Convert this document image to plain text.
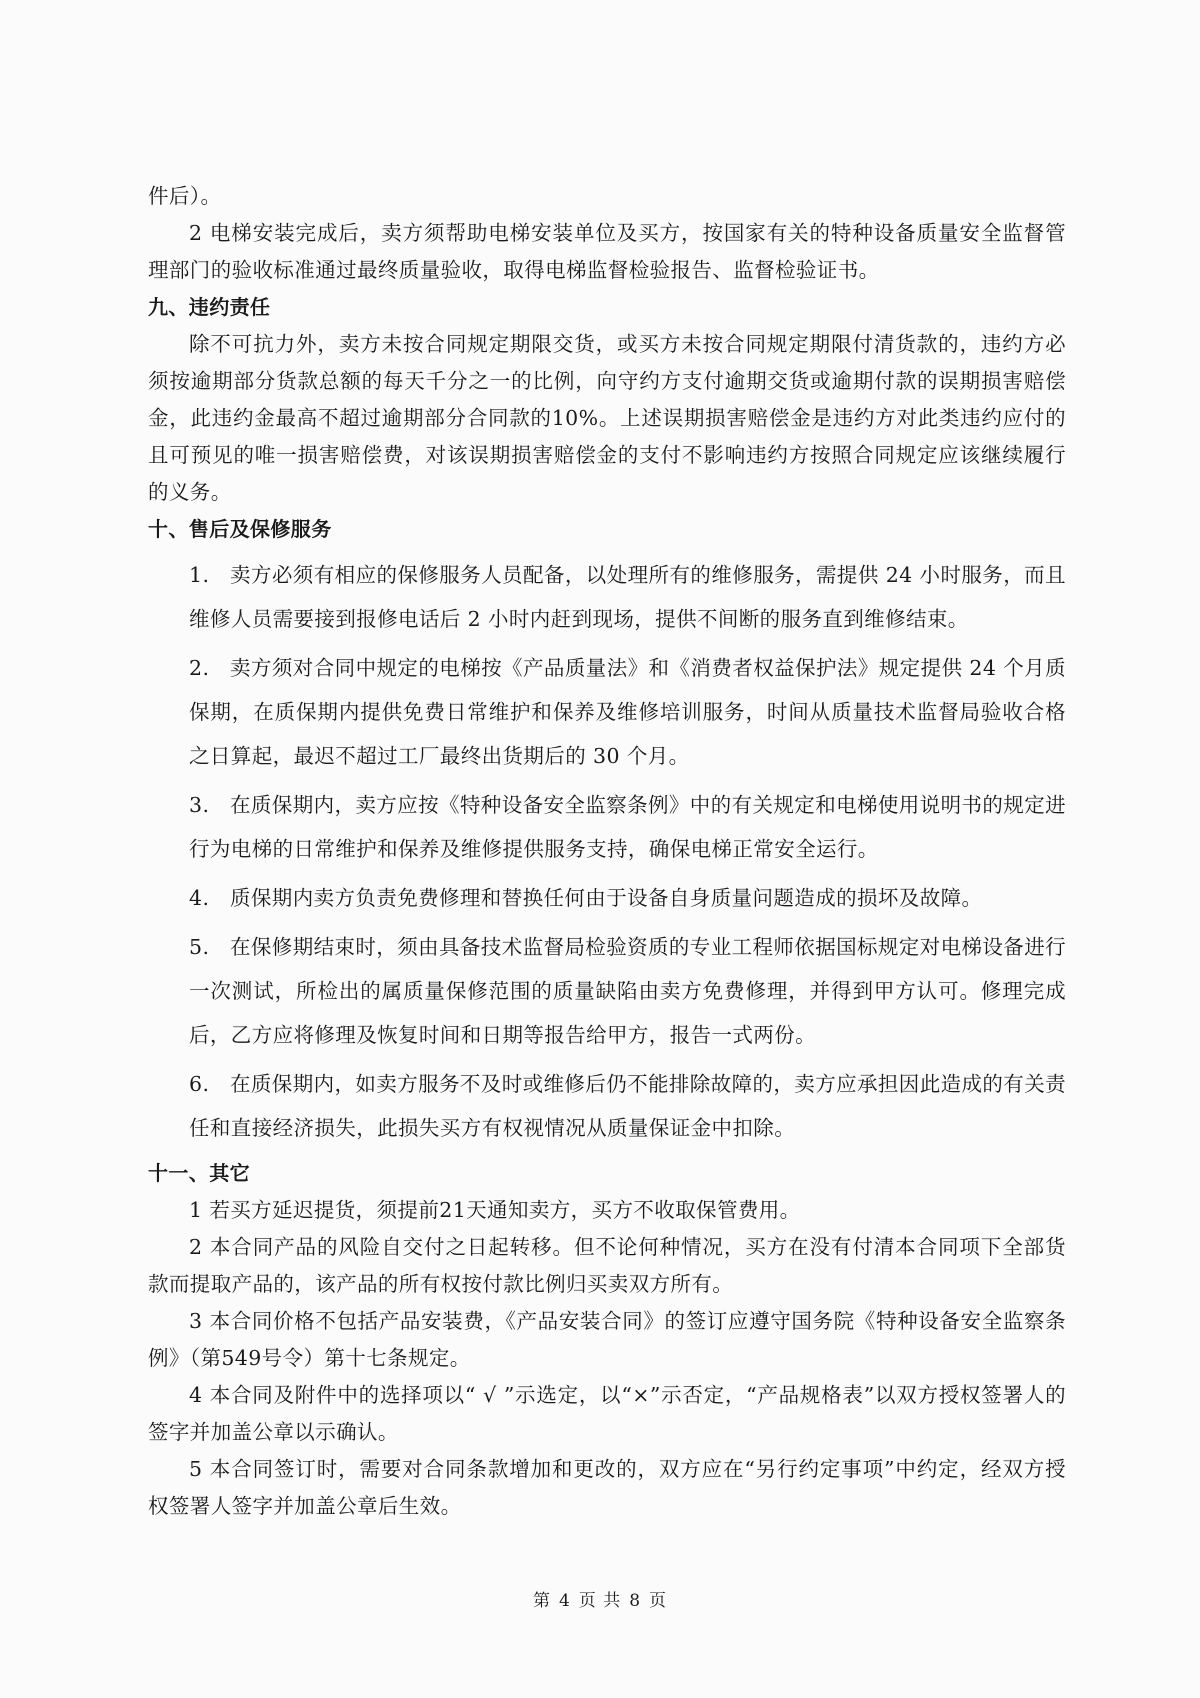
件后）。

2 电梯安装完成后，卖方须帮助电梯安装单位及买方，按国家有关的特种设备质量安全监督管理部门的验收标准通过最终质量验收，取得电梯监督检验报告、监督检验证书。

九、违约责任

除不可抗力外，卖方未按合同规定期限交货，或买方未按合同规定期限付清货款的，违约方必须按逾期部分货款总额的每天千分之一的比例，向守约方支付逾期交货或逾期付款的误期损害赔偿金，此违约金最高不超过逾期部分合同款的10%。上述误期损害赔偿金是违约方对此类违约应付的且可预见的唯一损害赔偿费，对该误期损害赔偿金的支付不影响违约方按照合同规定应该继续履行的义务。

十、售后及保修服务

1.	卖方必须有相应的保修服务人员配备，以处理所有的维修服务，需提供 24 小时服务，而且维修人员需要接到报修电话后 2 小时内赶到现场，提供不间断的服务直到维修结束。
2.	卖方须对合同中规定的电梯按《产品质量法》和《消费者权益保护法》规定提供 24 个月质保期，在质保期内提供免费日常维护和保养及维修培训服务，时间从质量技术监督局验收合格之日算起，最迟不超过工厂最终出货期后的 30 个月。
3.	在质保期内，卖方应按《特种设备安全监察条例》中的有关规定和电梯使用说明书的规定进行为电梯的日常维护和保养及维修提供服务支持，确保电梯正常安全运行。
4.	质保期内卖方负责免费修理和替换任何由于设备自身质量问题造成的损坏及故障。
5.	在保修期结束时，须由具备技术监督局检验资质的专业工程师依据国标规定对电梯设备进行一次测试，所检出的属质量保修范围的质量缺陷由卖方免费修理，并得到甲方认可。修理完成后，乙方应将修理及恢复时间和日期等报告给甲方，报告一式两份。
6.	在质保期内，如卖方服务不及时或维修后仍不能排除故障的，卖方应承担因此造成的有关责任和直接经济损失，此损失买方有权视情况从质量保证金中扣除。

十一、其它

1 若买方延迟提货，须提前21天通知卖方，买方不收取保管费用。

2 本合同产品的风险自交付之日起转移。但不论何种情况，买方在没有付清本合同项下全部货款而提取产品的，该产品的所有权按付款比例归买卖双方所有。

3 本合同价格不包括产品安装费，《产品安装合同》的签订应遵守国务院《特种设备安全监察条例》（第549号令）第十七条规定。

4 本合同及附件中的选择项以“ √ ”示选定，以“×”示否定，“产品规格表”以双方授权签署人的签字并加盖公章以示确认。

5 本合同签订时，需要对合同条款增加和更改的，双方应在“另行约定事项”中约定，经双方授权签署人签字并加盖公章后生效。

第 4 页 共 8 页
